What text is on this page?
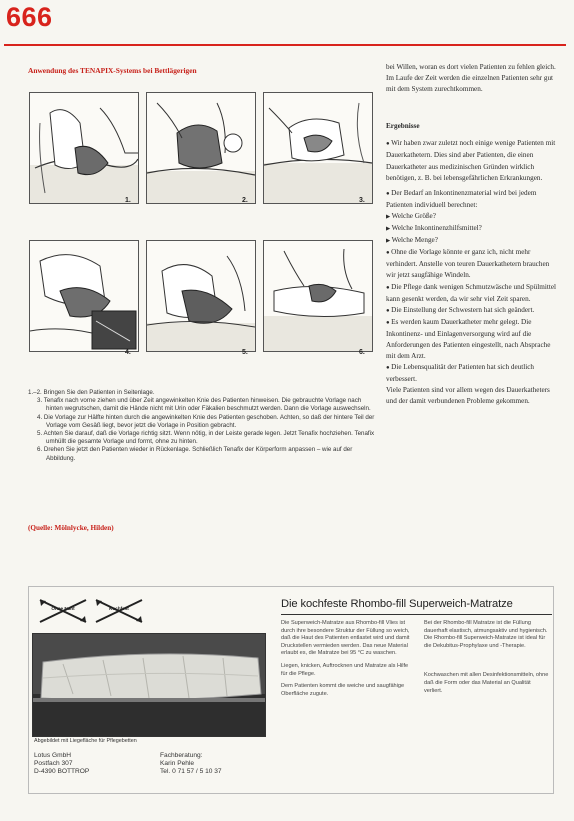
666
Anwendung des TENAPIX-Systems bei Bettlägerigen
1.	2.	3.
4.	5.	6.

1.–2. Bringen Sie den Patienten in Seitenlage.

3. Tenafix nach vorne ziehen und über Zeit angewinkelten Knie des Patienten hinweisen. Die gebrauchte Vorlage nach hinten wegrutschen, damit die Hände nicht mit Urin oder Fäkalien beschmutzt werden. Dann die Vorlage auswechseln.

4. Die Vorlage zur Hälfte hinten durch die angewinkelten Knie des Patienten geschoben. Achten, so daß der hintere Teil der Vorlage vom Gesäß liegt, bevor jetzt die Vorlage in Position gebracht.

5. Achten Sie darauf, daß die Vorlage richtig sitzt. Wenn nötig, in der Leiste gerade legen. Jetzt Tenafix hochziehen. Tenafix umhüllt die gesamte Vorlage und formt, ohne zu hinten.

6. Drehen Sie jetzt den Patienten wieder in Rückenlage. Schließlich Tenafix der Körperform anpassen – wie auf der Abbildung.

(Quelle: Mölnlycke, Hilden)

bei Willen, woran es dort vielen Patienten zu fehlen gleich.

Im Laufe der Zeit werden die einzelnen Patienten sehr gut mit dem System zurechtkommen.

Ergebnisse

● Wir haben zwar zuletzt noch einige wenige Patienten mit Dauerkathetern. Dies sind aber Patienten, die einen Dauerkatheter aus medizinischen Gründen wirklich benötigen, z. B. bei lebensgefährlichen Erkrankungen.

● Der Bedarf an Inkontinenzmaterial wird bei jedem Patienten individuell berechnet:

▶ Welche Größe?

▶ Welche Inkontinenzhilfsmittel?

▶ Welche Menge?

● Ohne die Vorlage könnte er ganz ich, nicht mehr verhindert. Anstelle von teuren Dauerkathetern brauchen wir jetzt saugfähige Windeln.

● Die Pflege dank wenigen Schmutzwäsche und Spülmittel kann gesenkt werden, da wir sehr viel Zeit sparen.

● Die Einstellung der Schwestern hat sich geändert.

● Es werden kaum Dauerkatheter mehr gelegt. Die Inkontinenz- und Einlagenversorgung wird auf die Anforderungen des Patienten eingestellt, nach Absprache mit dem Arzt.

● Die Lebensqualität der Patienten hat sich deutlich verbessert.

Viele Patienten sind vor allem wegen des Dauerkatheters und der damit verbundenen Probleme gekommen.

Ohne Naht	Kochfest	Die kochfeste Rhombo-fill Superweich-Matratze
Abgebildet mit Liegefläche für Pflegebetten
Lotus GmbH
Postfach 307
D-4390 BOTTROP
Fachberatung:
Karin Pehle
Tel. 0 71 57 / 5 10 37

Die Superweich-Matratze aus Rhombo-fill Vlies ist durch ihre besondere Struktur der Füllung so weich, daß die Haut des Patienten entlastet wird und damit Druckstellen vermieden werden. Das neue Material erlaubt es, die Matratze bei 95 °C zu waschen.

Liegen, knicken, Auftrocknen und Matratze als Hilfe für die Pflege.

Dem Patienten kommt die weiche und saugfähige Oberfläche zugute.

Bei der Rhombo-fill Matratze ist die Füllung dauerhaft elastisch, atmungsaktiv und hygienisch. Die Rhombo-fill Superweich-Matratze ist ideal für die Dekubitus-Prophylaxe und -Therapie.

Kochwaschen mit allen Desinfektionsmitteln, ohne daß die Form oder das Material an Qualität verliert.
